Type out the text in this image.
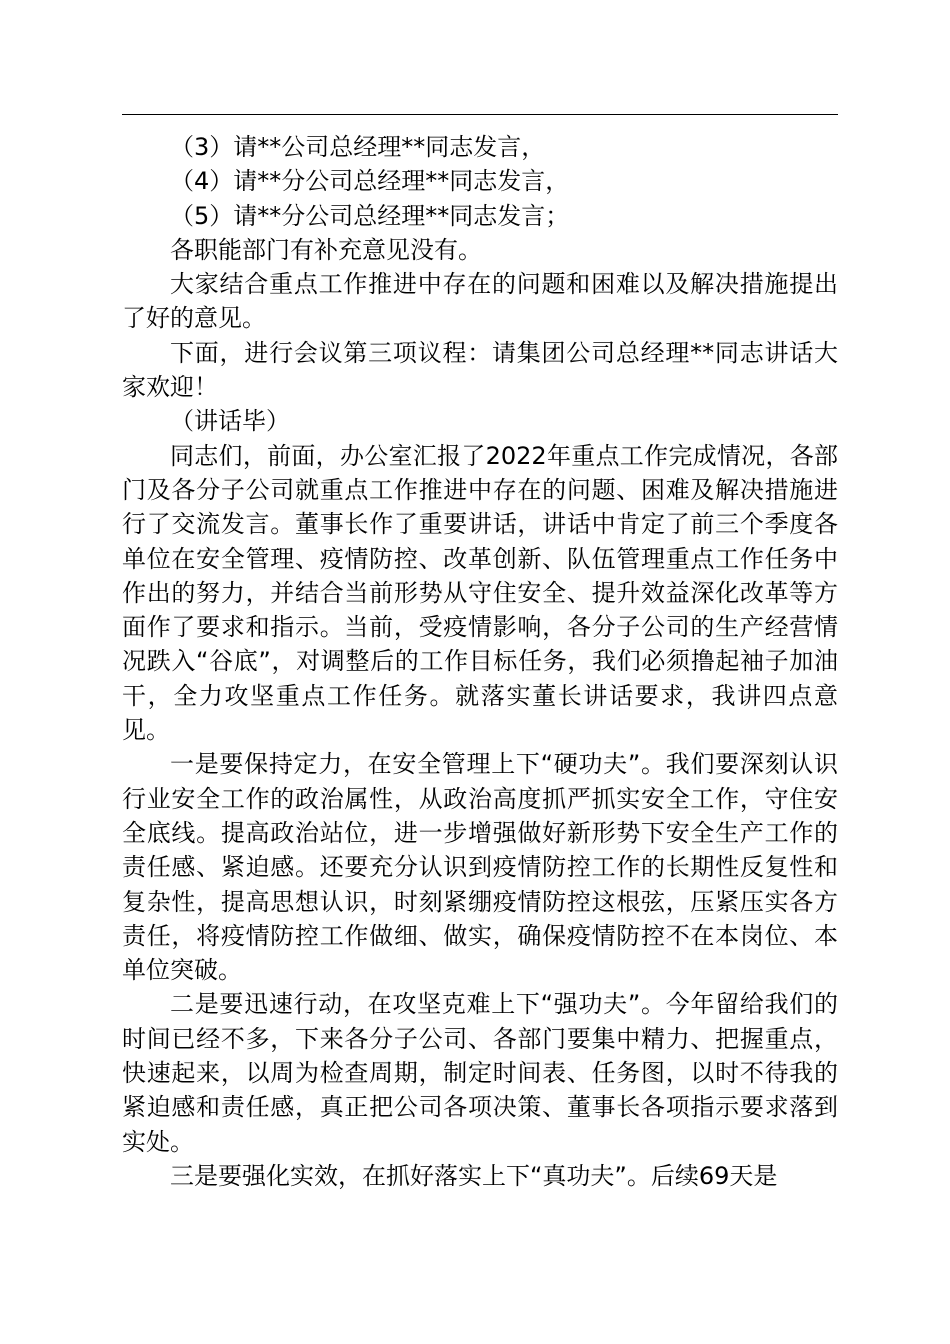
（3）请**公司总经理**同志发言，

（4）请**分公司总经理**同志发言，

（5）请**分公司总经理**同志发言；

各职能部门有补充意见没有。

大家结合重点工作推进中存在的问题和困难以及解决措施提出了好的意见。

下面，进行会议第三项议程：请集团公司总经理**同志讲话大家欢迎！

（讲话毕）

同志们，前面，办公室汇报了2022年重点工作完成情况，各部门及各分子公司就重点工作推进中存在的问题、困难及解决措施进行了交流发言。董事长作了重要讲话，讲话中肯定了前三个季度各单位在安全管理、疫情防控、改革创新、队伍管理重点工作任务中作出的努力，并结合当前形势从守住安全、提升效益深化改革等方面作了要求和指示。当前，受疫情影响，各分子公司的生产经营情况跌入“谷底”，对调整后的工作目标任务，我们必须撸起袖子加油干，全力攻坚重点工作任务。就落实董长讲话要求，我讲四点意见。

一是要保持定力，在安全管理上下“硬功夫”。我们要深刻认识行业安全工作的政治属性，从政治高度抓严抓实安全工作，守住安全底线。提高政治站位，进一步增强做好新形势下安全生产工作的责任感、紧迫感。还要充分认识到疫情防控工作的长期性反复性和复杂性，提高思想认识，时刻紧绷疫情防控这根弦，压紧压实各方责任，将疫情防控工作做细、做实，确保疫情防控不在本岗位、本单位突破。

二是要迅速行动，在攻坚克难上下“强功夫”。今年留给我们的时间已经不多，下来各分子公司、各部门要集中精力、把握重点，快速起来，以周为检查周期，制定时间表、任务图，以时不待我的紧迫感和责任感，真正把公司各项决策、董事长各项指示要求落到实处。

三是要强化实效，在抓好落实上下“真功夫”。后续69天是
